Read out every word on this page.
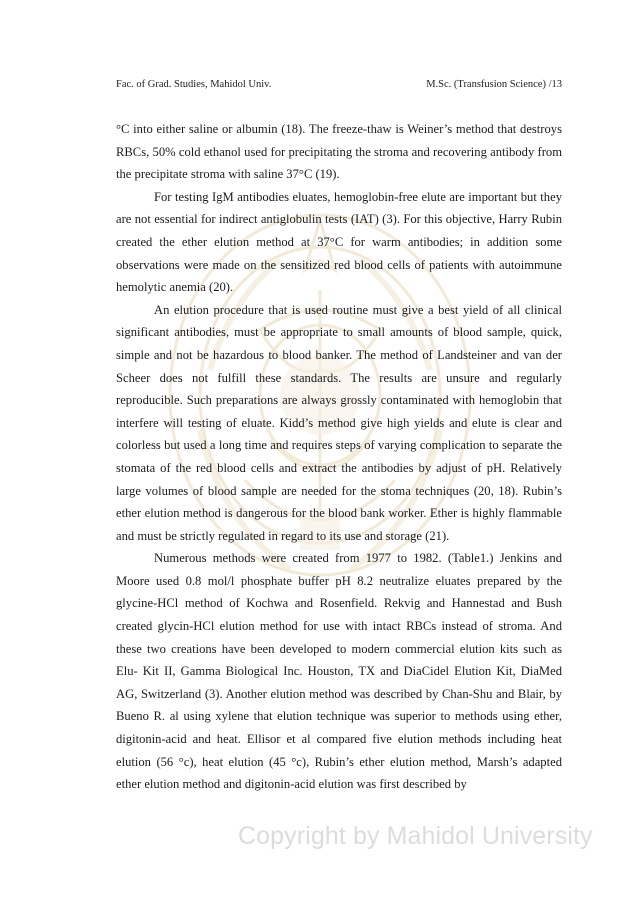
Fac. of Grad. Studies, Mahidol Univ.	M.Sc. (Transfusion Science) /13

°C into either saline or albumin (18). The freeze-thaw is Weiner’s method that destroys RBCs, 50% cold ethanol used for precipitating the stroma and recovering antibody from the precipitate stroma with saline 37°C (19).

For testing IgM antibodies eluates, hemoglobin-free elute are important but they are not essential for indirect antiglobulin tests (IAT) (3). For this objective, Harry Rubin created the ether elution method at 37°C for warm antibodies; in addition some observations were made on the sensitized red blood cells of patients with autoimmune hemolytic anemia (20).

An elution procedure that is used routine must give a best yield of all clinical significant antibodies, must be appropriate to small amounts of blood sample, quick, simple and not be hazardous to blood banker. The method of Landsteiner and van der Scheer does not fulfill these standards. The results are unsure and regularly reproducible. Such preparations are always grossly contaminated with hemoglobin that interfere will testing of eluate. Kidd’s method give high yields and elute is clear and colorless but used a long time and requires steps of varying complication to separate the stomata of the red blood cells and extract the antibodies by adjust of pH. Relatively large volumes of blood sample are needed for the stoma techniques (20, 18). Rubin’s ether elution method is dangerous for the blood bank worker. Ether is highly flammable and must be strictly regulated in regard to its use and storage (21).

Numerous methods were created from 1977 to 1982. (Table1.) Jenkins and Moore used 0.8 mol/l phosphate buffer pH 8.2 neutralize eluates prepared by the glycine-HCl method of Kochwa and Rosenfield. Rekvig and Hannestad and Bush created glycin-HCl elution method for use with intact RBCs instead of stroma. And these two creations have been developed to modern commercial elution kits such as Elu- Kit II, Gamma Biological Inc. Houston, TX and DiaCidel Elution Kit, DiaMed AG, Switzerland (3). Another elution method was described by Chan-Shu and Blair, by Bueno R. al using xylene that elution technique was superior to methods using ether, digitonin-acid and heat. Ellisor et al compared five elution methods including heat elution (56 °c), heat elution (45 °c), Rubin’s ether elution method, Marsh’s adapted ether elution method and digitonin-acid elution was first described by

Copyright by Mahidol University
